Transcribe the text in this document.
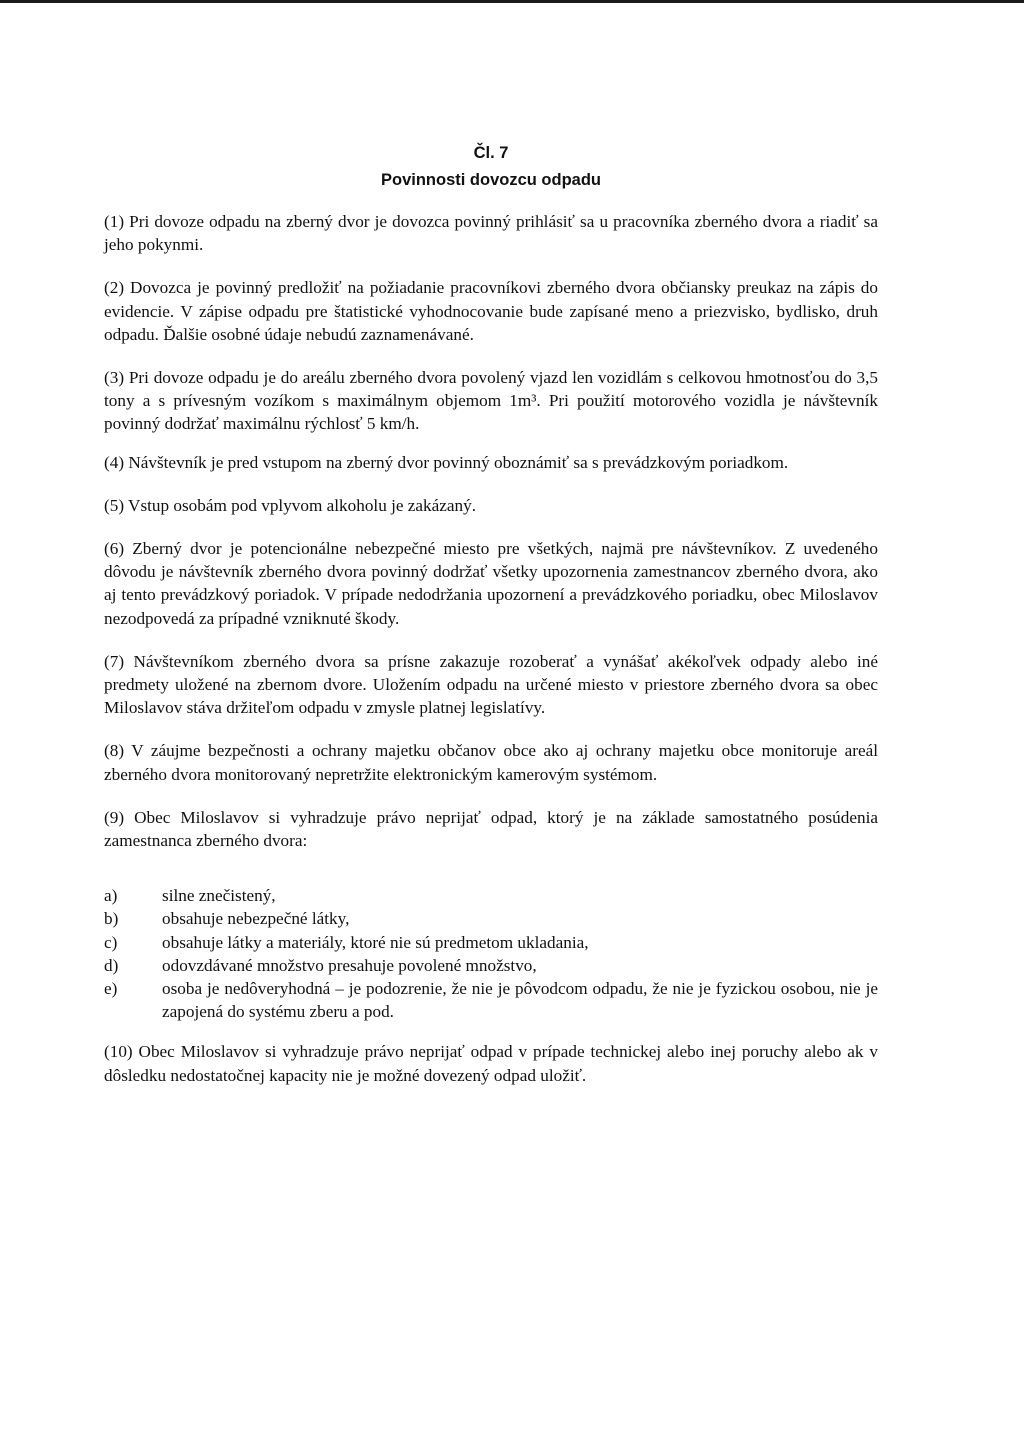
Čl. 7

Povinnosti dovozcu odpadu

(1) Pri dovoze odpadu na zberný dvor je dovozca povinný prihlásiť sa u pracovníka zberného dvora a riadiť sa jeho pokynmi.

(2) Dovozca je povinný predložiť na požiadanie pracovníkovi zberného dvora občiansky preukaz na zápis do evidencie. V zápise odpadu pre štatistické vyhodnocovanie bude zapísané meno a priezvisko, bydlisko, druh odpadu. Ďalšie osobné údaje nebudú zaznamenávané.

(3) Pri dovoze odpadu je do areálu zberného dvora povolený vjazd len vozidlám s celkovou hmotnosťou do 3,5 tony a s prívesným vozíkom s maximálnym objemom 1m³. Pri použití motorového vozidla je návštevník povinný dodržať maximálnu rýchlosť 5 km/h.

(4) Návštevník je pred vstupom na zberný dvor povinný oboznámiť sa s prevádzkovým poriadkom.

(5) Vstup osobám pod vplyvom alkoholu je zakázaný.

(6) Zberný dvor je potencionálne nebezpečné miesto pre všetkých, najmä pre návštevníkov. Z uvedeného dôvodu je návštevník zberného dvora povinný dodržať všetky upozornenia zamestnancov zberného dvora, ako aj tento prevádzkový poriadok. V prípade nedodržania upozornení a prevádzkového poriadku, obec Miloslavov nezodpovedá za prípadné vzniknuté škody.

(7) Návštevníkom zberného dvora sa prísne zakazuje rozoberať a vynášať akékoľvek odpady alebo iné predmety uložené na zbernom dvore. Uložením odpadu na určené miesto v priestore zberného dvora sa obec Miloslavov stáva držiteľom odpadu v zmysle platnej legislatívy.

(8) V záujme bezpečnosti a ochrany majetku občanov obce ako aj ochrany majetku obce monitoruje areál zberného dvora monitorovaný nepretržite elektronickým kamerovým systémom.

(9) Obec Miloslavov si vyhradzuje právo neprijať odpad, ktorý je na základe samostatného posúdenia zamestnanca zberného dvora:

a)	silne znečistený,
b)	obsahuje nebezpečné látky,
c)	obsahuje látky a materiály, ktoré nie sú predmetom ukladania,
d)	odovzdávané množstvo presahuje povolené množstvo,
e)	osoba je nedôveryhodná – je podozrenie, že nie je pôvodcom odpadu, že nie je fyzickou osobou, nie je zapojená do systému zberu a pod.

(10) Obec Miloslavov si vyhradzuje právo neprijať odpad v prípade technickej alebo inej poruchy alebo ak v dôsledku nedostatočnej kapacity nie je možné dovezený odpad uložiť.
